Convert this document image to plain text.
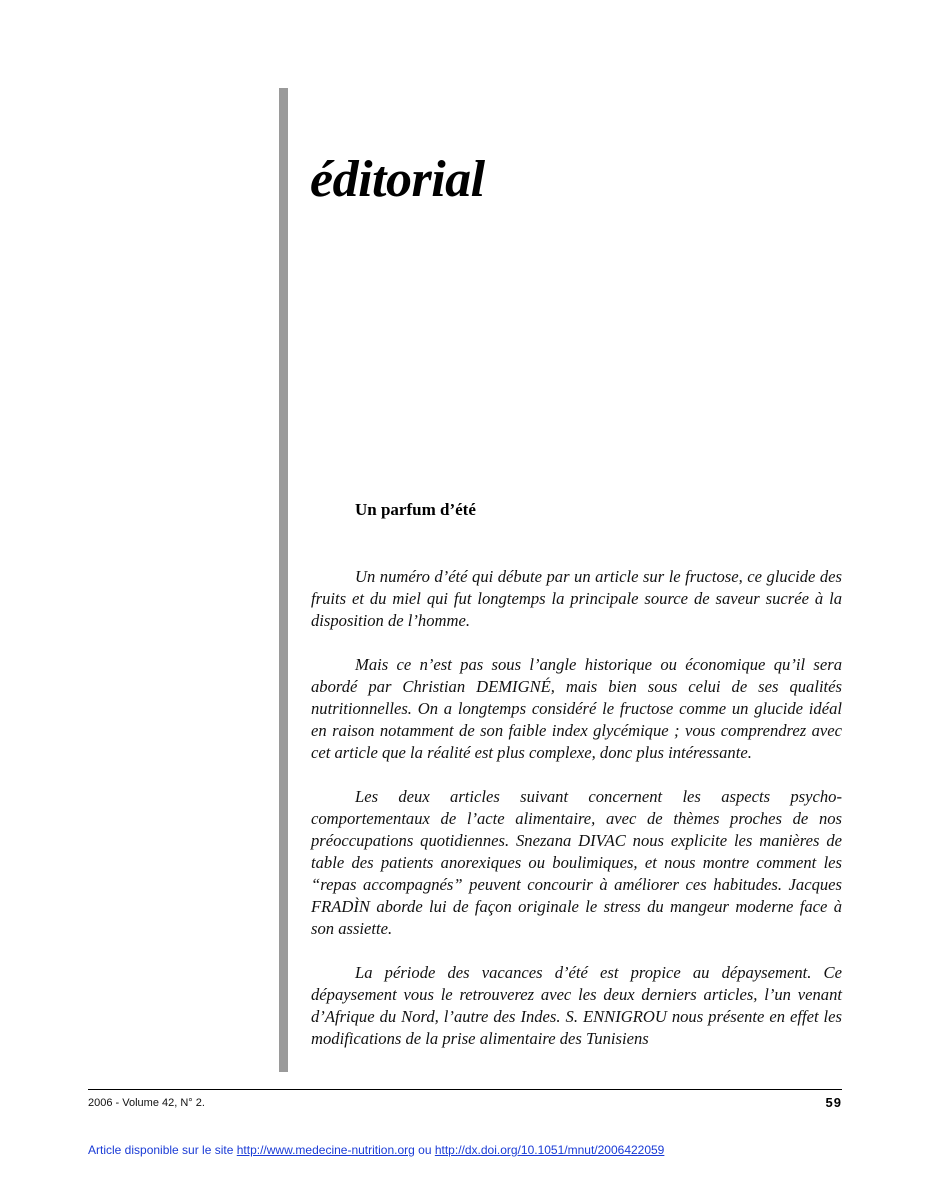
éditorial
Un parfum d’été

Un numéro d’été qui débute par un article sur le fructose, ce glucide des fruits et du miel qui fut longtemps la principale source de saveur sucrée à la disposition de l’homme.

Mais ce n’est pas sous l’angle historique ou économique qu’il sera abordé par Christian DEMIGNÉ, mais bien sous celui de ses qualités nutritionnelles. On a longtemps considéré le fructose comme un glucide idéal en raison notamment de son faible index glycémique ; vous comprendrez avec cet article que la réalité est plus complexe, donc plus intéressante.

Les deux articles suivant concernent les aspects psycho-comportementaux de l’acte alimentaire, avec de thèmes proches de nos préoccupations quotidiennes. Snezana DIVAC nous explicite les manières de table des patients anorexiques ou boulimiques, et nous montre comment les “repas accompagnés” peuvent concourir à améliorer ces habitudes. Jacques FRADÌN aborde lui de façon originale le stress du mangeur moderne face à son assiette.

La période des vacances d’été est propice au dépaysement. Ce dépaysement vous le retrouverez avec les deux derniers articles, l’un venant d’Afrique du Nord, l’autre des Indes. S. ENNIGROU nous présente en effet les modifications de la prise alimentaire des Tunisiens

2006 - Volume 42, N° 2.	59
Article disponible sur le site http://www.medecine-nutrition.org ou http://dx.doi.org/10.1051/mnut/2006422059
